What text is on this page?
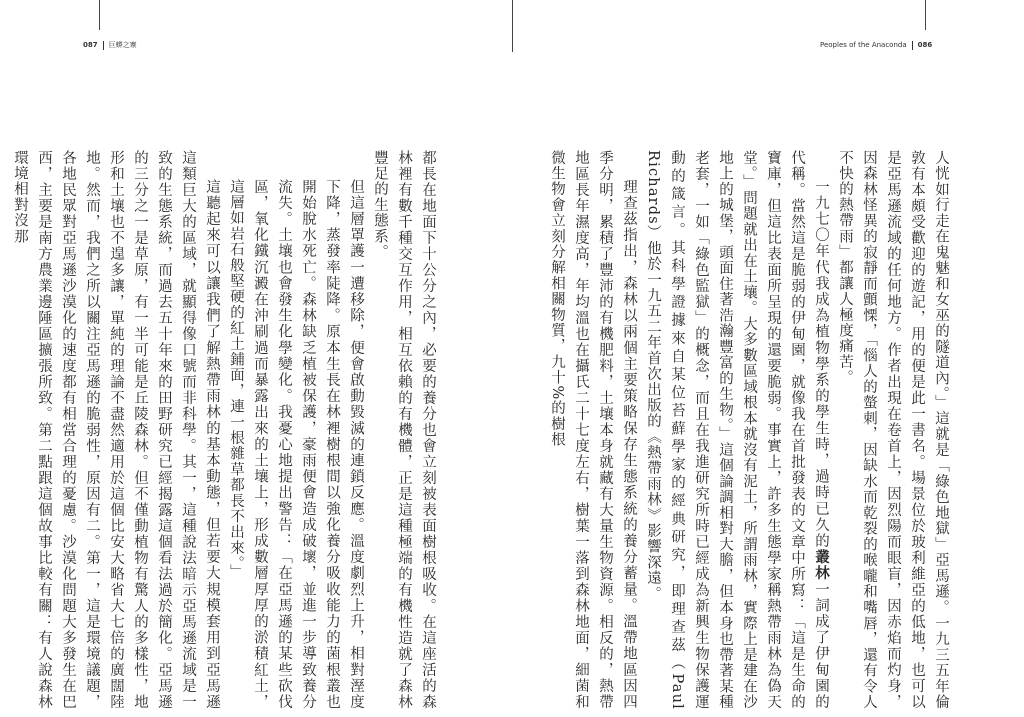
087 巨蟒之寨	Peoples of the Anaconda 086

人恍如行走在鬼魅和女巫的隧道內。」這就是「綠色地獄」亞馬遜。一九三五年倫敦有本頗受歡迎的遊記，用的便是此一書名。場景位於玻利維亞的低地，也可以是亞馬遜流域的任何地方。作者出現在卷首上，因烈陽而眼盲，因赤焰而灼身，因森林怪異的寂靜而顫慄，「惱人的螫刺，因缺水而乾裂的喉嚨和嘴唇，還有令人不快的熱帶雨」都讓人極度痛苦。

一九七〇年代我成為植物學系的學生時，過時已久的叢林一詞成了伊甸園的代稱。當然這是脆弱的伊甸園，就像我在首批發表的文章中所寫：「這是生命的寶庫，但這比表面所呈現的還要脆弱。事實上，許多生態學家稱熱帶雨林為偽天堂。」問題就出在土壤。大多數區域根本就沒有泥土，所謂雨林，實際上是建在沙地上的城堡，頭面住著浩瀚豐富的生物。」這個論調相對大膽，但本身也帶著某種老套，一如「綠色監獄」的概念，而且在我進研究所時已經成為新興生物保護運動的箴言。其科學證據來自某位苔蘚學家的經典研究，即理查茲（Paul Richards）他於一九五二年首次出版的《熱帶雨林》影響深遠。

理查茲指出，森林以兩個主要策略保存生態系統的養分蓄量。溫帶地區因四季分明，累積了豐沛的有機肥料，土壤本身就藏有大量生物資源。相反的，熱帶地區長年濕度高，年均溫也在攝氏二十七度左右，樹葉一落到森林地面，細菌和微生物會立刻分解相關物質，九十%的樹根

都長在地面下十公分之內，必要的養分也會立刻被表面樹根吸收。在這座活的森林裡有數千種交互作用，相互依賴的有機體，正是這種極端的有機性造就了森林豐足的生態系。

但這層罩護一遭移除，便會啟動毀滅的連鎖反應。溫度劇烈上升，相對溼度下降，蒸發率陡降。原本生長在林裡樹根間以強化養分吸收能力的菌根叢也開始脫水死亡。森林缺乏植被保護，豪雨便會造成破壞，並進一步導致養分流失。土壤也會發生化學變化。我憂心地提出警告：「在亞馬遜的某些砍伐區，氧化鐵沉澱在沖刷過而暴露出來的土壤上，形成數層厚厚的淤積紅土，這層如岩石般堅硬的紅土鋪面，連一根雜草都長不出來。」

這聽起來可以讓我們了解熱帶雨林的基本動態，但若要大規模套用到亞馬遜這類巨大的區域，就顯得像口號而非科學。其一，這種說法暗示亞馬遜流域是一致的生態系統，而過去五十年來的田野研究已經揭露這個看法過於簡化。亞馬遜的三分之一是草原，有一半可能是丘陵森林。但不僅動植物有驚人的多樣性，地形和土壤也不遑多讓，單純的理論不盡然適用於這個比安大略省大七倍的廣闊陸地。然而，我們之所以關注亞馬遜的脆弱性，原因有二。第一，這是環境議題，各地民眾對亞馬遜沙漠化的速度都有相當合理的憂慮。沙漠化問題大多發生在巴西，主要是南方農業邊陲區擴張所致。第二點跟這個故事比較有關：有人說森林環境相對沒那
